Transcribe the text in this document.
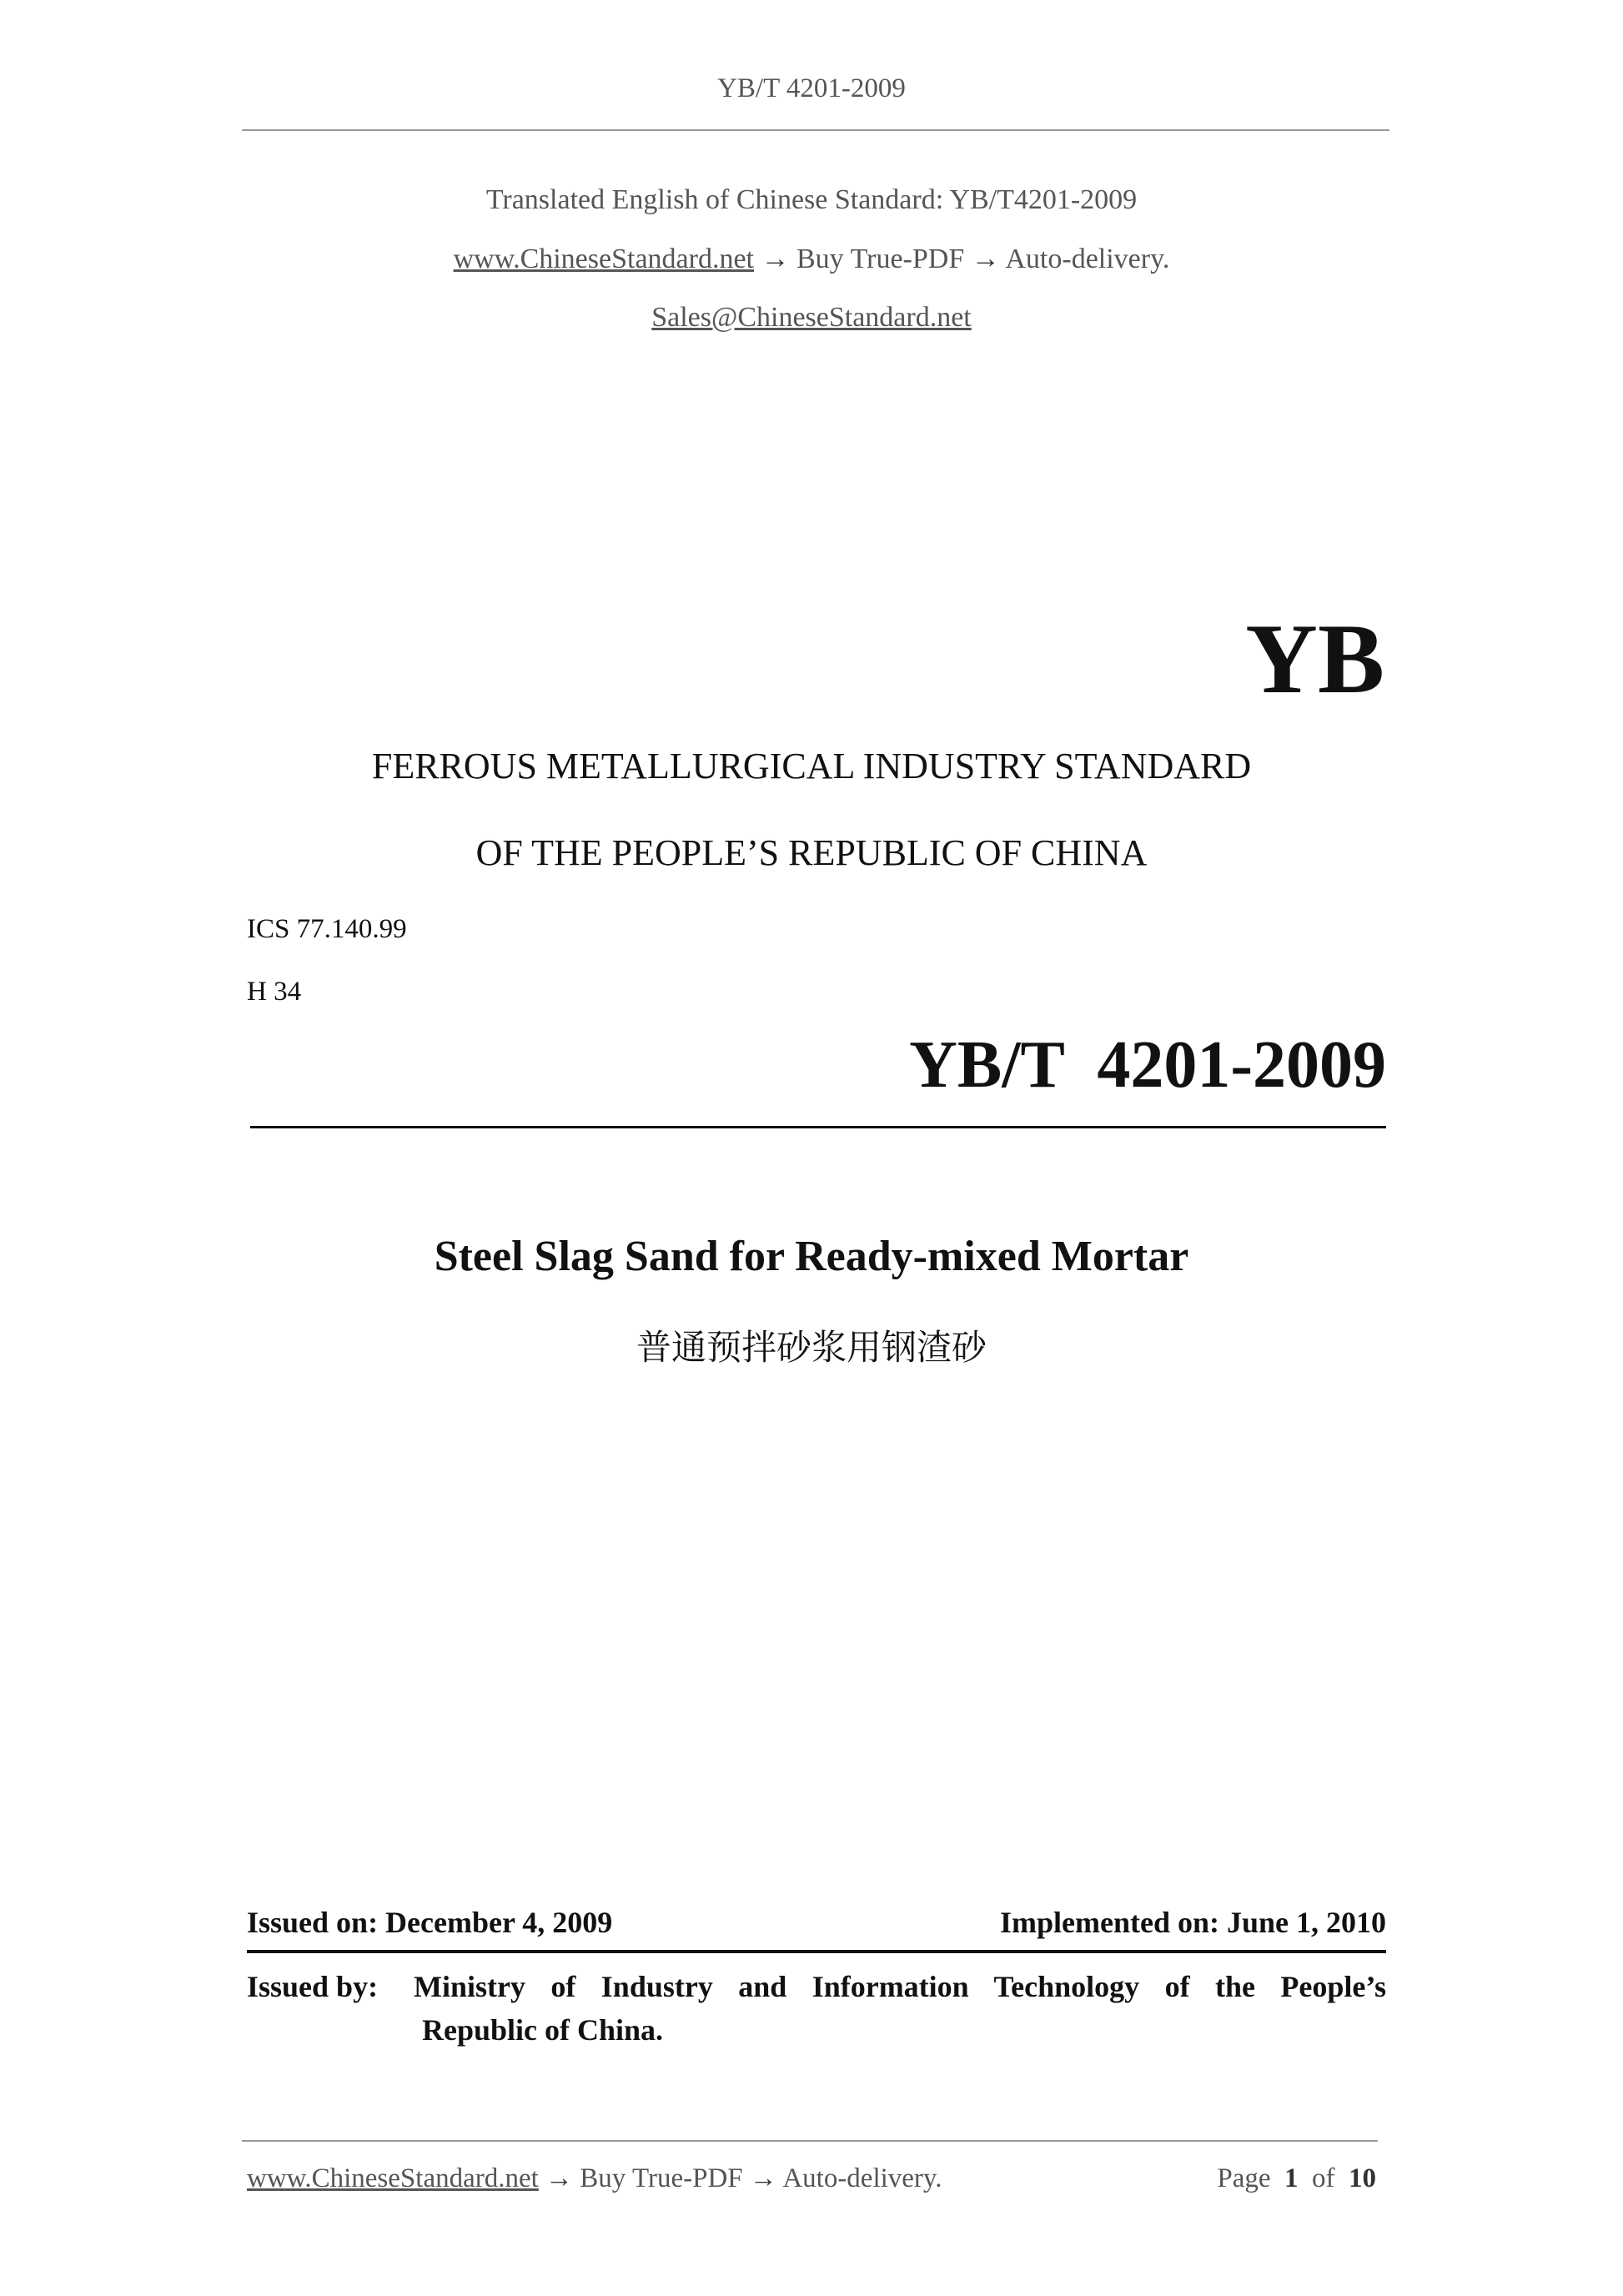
YB/T 4201-2009
Translated English of Chinese Standard: YB/T4201-2009
www.ChineseStandard.net → Buy True-PDF → Auto-delivery.
Sales@ChineseStandard.net
YB
FERROUS METALLURGICAL INDUSTRY STANDARD
OF THE PEOPLE’S REPUBLIC OF CHINA
ICS 77.140.99
H 34
YB/T  4201-2009
Steel Slag Sand for Ready-mixed Mortar
普通预拌砂浆用钢渣砂
Issued on: December 4, 2009	Implemented on: June 1, 2010
Issued by: Ministry of Industry and Information Technology of the People’s
Republic of China.
www.ChineseStandard.net → Buy True-PDF → Auto-delivery.	Page 1 of 10
